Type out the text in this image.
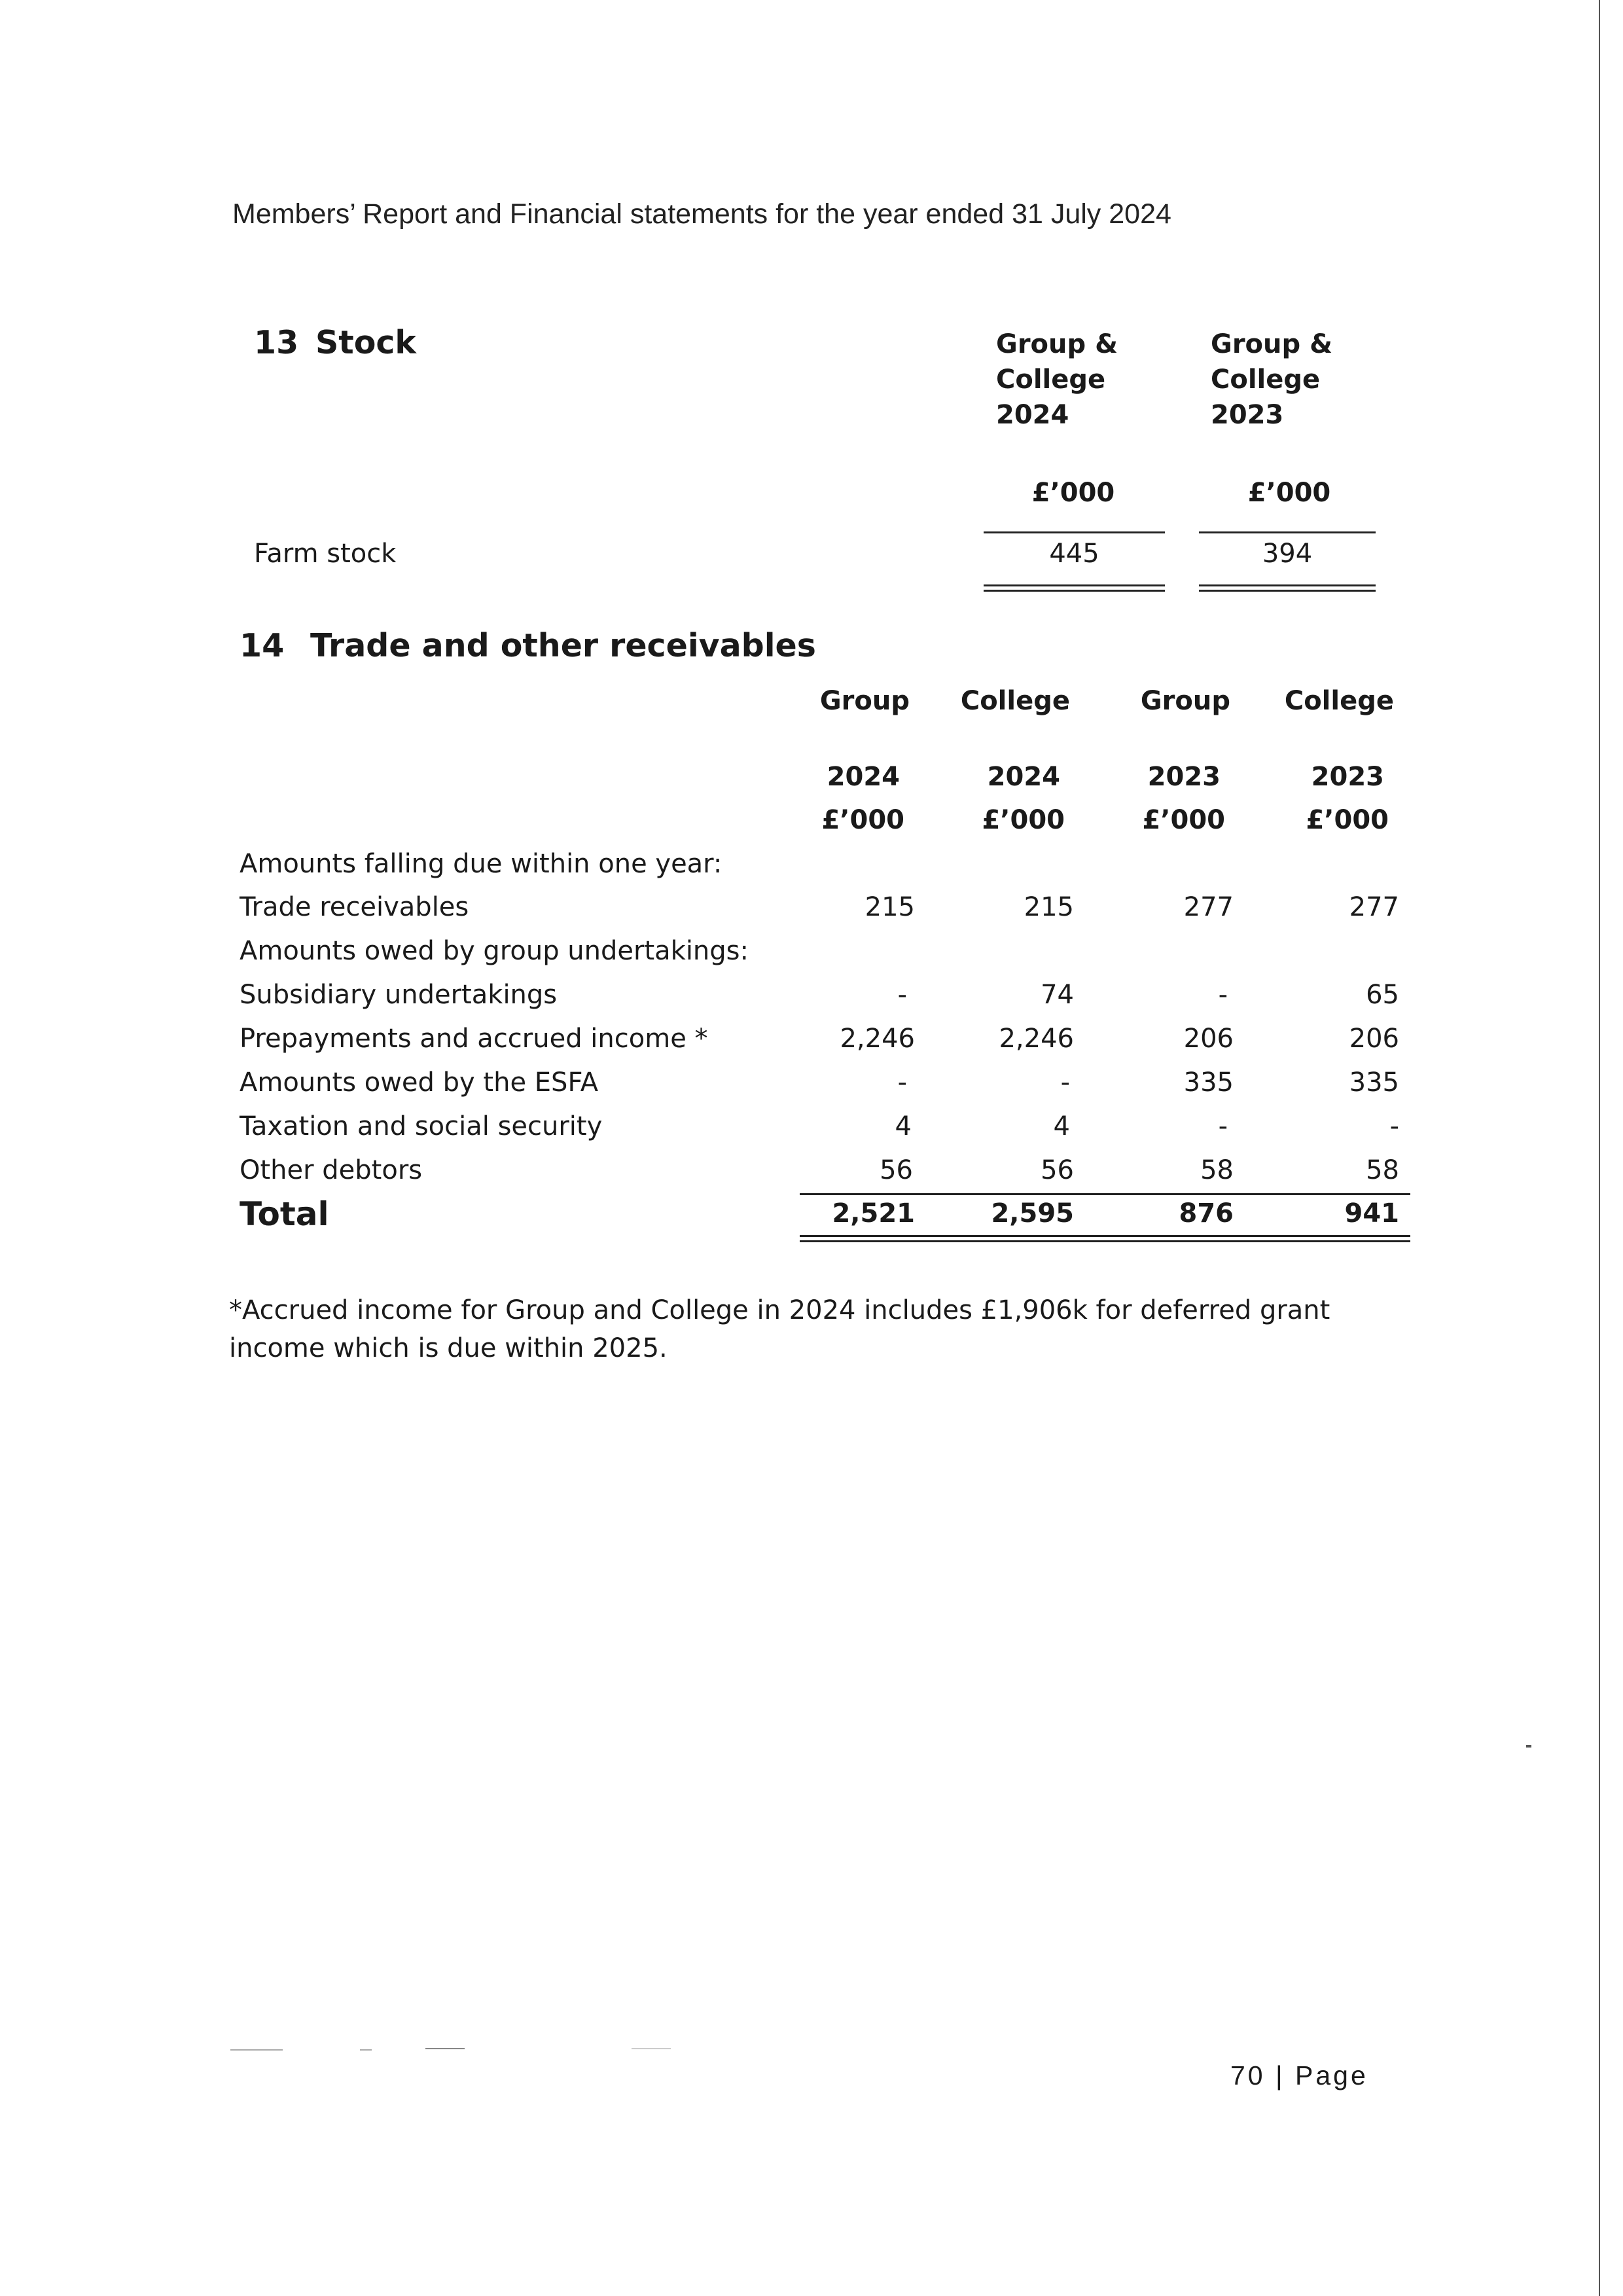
Members’ Report and Financial statements for the year ended 31 July 2024
13 Stock	Group &
College
2024
Group &
College
2023
£’000	£’000
Farm stock	445	394
14 Trade and other receivables
Group	College	Group	College
2024	2024	2023	2023
£’000	£’000	£’000	£’000
Amounts falling due within one year:
Trade receivables	215	215	277	277
Amounts owed by group undertakings:
Subsidiary undertakings	-	74	-	65
Prepayments and accrued income *	2,246	2,246	206	206
Amounts owed by the ESFA	-	-	335	335
Taxation and social security	4	4	-	-
Other debtors	56	56	58	58
Total	2,521	2,595	876	941
*Accrued income for Group and College in 2024 includes £1,906k for deferred grant
income which is due within 2025.
70 | Page
